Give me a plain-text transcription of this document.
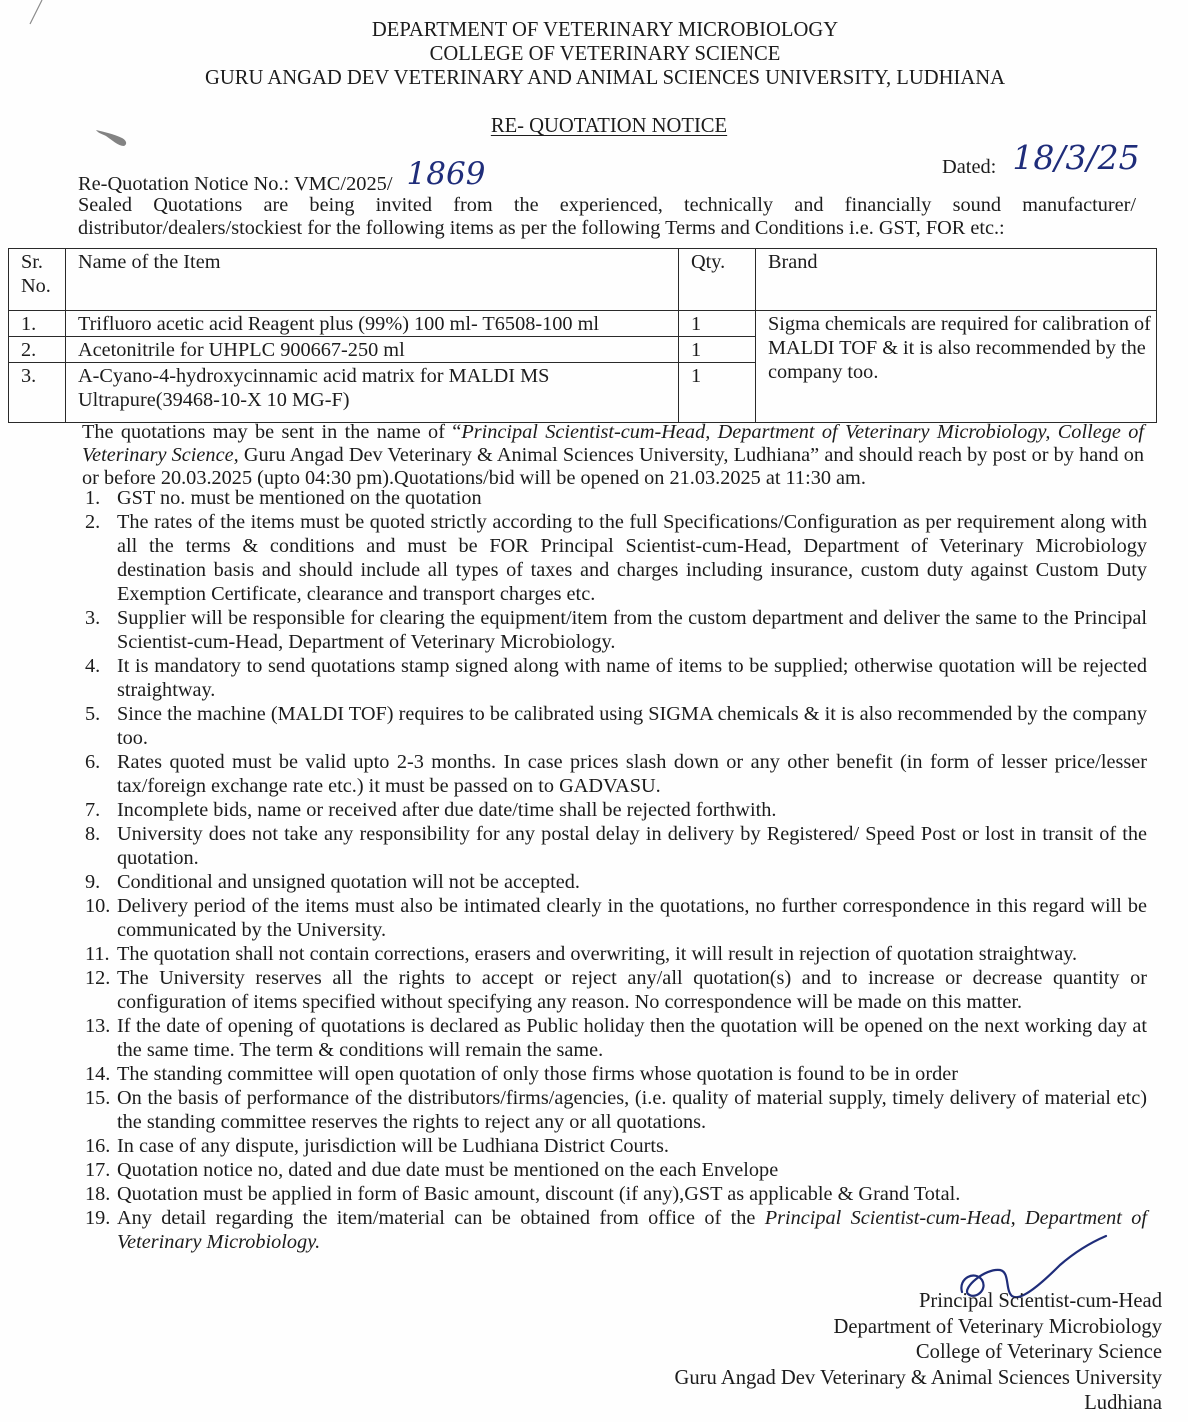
DEPARTMENT OF VETERINARY MICROBIOLOGY
COLLEGE OF VETERINARY SCIENCE
GURU ANGAD DEV VETERINARY AND ANIMAL SCIENCES UNIVERSITY, LUDHIANA
RE- QUOTATION NOTICE
Re-Quotation Notice No.: VMC/2025/ 1869	Dated: 18/3/25

Sealed Quotations are being invited from the experienced, technically and financially sound manufacturer/ distributor/dealers/stockiest for the following items as per the following Terms and Conditions i.e. GST, FOR etc.:

Sr. No.	Name of the Item	Qty.	Brand
1.	Trifluoro acetic acid Reagent plus (99%) 100 ml- T6508-100 ml	1	Sigma chemicals are required for calibration of MALDI TOF & it is also recommended by the company too.
2.	Acetonitrile for UHPLC 900667-250 ml	1	
3.	A-Cyano-4-hydroxycinnamic acid matrix for MALDI MS Ultrapure(39468-10-X 10 MG-F)	1	

The quotations may be sent in the name of “Principal Scientist-cum-Head, Department of Veterinary Microbiology, College of Veterinary Science, Guru Angad Dev Veterinary & Animal Sciences University, Ludhiana” and should reach by post or by hand on or before 20.03.2025 (upto 04:30 pm).Quotations/bid will be opened on 21.03.2025 at 11:30 am.

1. GST no. must be mentioned on the quotation
2. The rates of the items must be quoted strictly according to the full Specifications/Configuration as per requirement along with all the terms & conditions and must be FOR Principal Scientist-cum-Head, Department of Veterinary Microbiology destination basis and should include all types of taxes and charges including insurance, custom duty against Custom Duty Exemption Certificate, clearance and transport charges etc.
3. Supplier will be responsible for clearing the equipment/item from the custom department and deliver the same to the Principal Scientist-cum-Head, Department of Veterinary Microbiology.
4. It is mandatory to send quotations stamp signed along with name of items to be supplied; otherwise quotation will be rejected straightway.
5. Since the machine (MALDI TOF) requires to be calibrated using SIGMA chemicals & it is also recommended by the company too.
6. Rates quoted must be valid upto 2-3 months. In case prices slash down or any other benefit (in form of lesser price/lesser tax/foreign exchange rate etc.) it must be passed on to GADVASU.
7. Incomplete bids, name or received after due date/time shall be rejected forthwith.
8. University does not take any responsibility for any postal delay in delivery by Registered/ Speed Post or lost in transit of the quotation.
9. Conditional and unsigned quotation will not be accepted.
10. Delivery period of the items must also be intimated clearly in the quotations, no further correspondence in this regard will be communicated by the University.
11. The quotation shall not contain corrections, erasers and overwriting, it will result in rejection of quotation straightway.
12. The University reserves all the rights to accept or reject any/all quotation(s) and to increase or decrease quantity or configuration of items specified without specifying any reason. No correspondence will be made on this matter.
13. If the date of opening of quotations is declared as Public holiday then the quotation will be opened on the next working day at the same time. The term & conditions will remain the same.
14. The standing committee will open quotation of only those firms whose quotation is found to be in order
15. On the basis of performance of the distributors/firms/agencies, (i.e. quality of material supply, timely delivery of material etc) the standing committee reserves the rights to reject any or all quotations.
16. In case of any dispute, jurisdiction will be Ludhiana District Courts.
17. Quotation notice no, dated and due date must be mentioned on the each Envelope
18. Quotation must be applied in form of Basic amount, discount (if any),GST as applicable & Grand Total.
19. Any detail regarding the item/material can be obtained from office of the Principal Scientist-cum-Head, Department of Veterinary Microbiology.
Principal Scientist-cum-Head
Department of Veterinary Microbiology
College of Veterinary Science
Guru Angad Dev Veterinary & Animal Sciences University
Ludhiana
